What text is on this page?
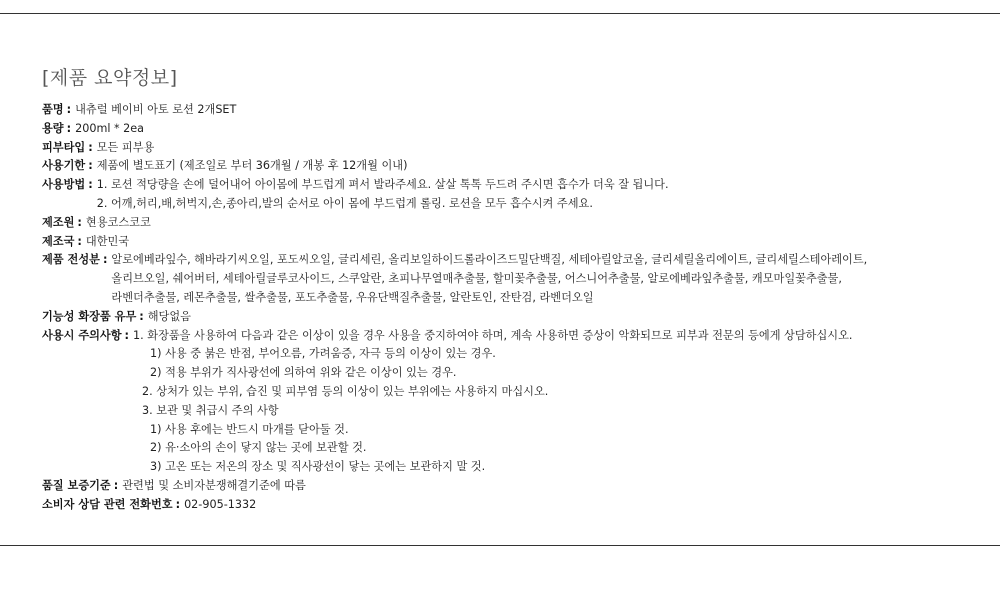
[제품 요약정보]
품명 : 내츄럴 베이비 아토 로션 2개SET
용량 : 200ml * 2ea
피부타입 : 모든 피부용
사용기한 : 제품에 별도표기 (제조일로 부터 36개월 / 개봉 후 12개월 이내)
사용방법 : 1. 로션 적당량을 손에 덜어내어 아이몸에 부드럽게 펴서 발라주세요. 살살 톡톡 두드려 주시면 흡수가 더욱 잘 됩니다.
2. 어깨,허리,배,허벅지,손,종아리,발의 순서로 아이 몸에 부드럽게 롤링. 로션을 모두 흡수시켜 주세요.
제조원 : 현용코스코코
제조국 : 대한민국
제품 전성분 : 알로에베라잎수, 해바라기씨오일, 포도씨오일, 글리세린, 올리보일하이드롤라이즈드밀단백질, 세테아릴알코올, 글리세릴올리에이트, 글리세릴스테아레이트,
올리브오일, 쉐어버터, 세테아릴글루코사이드, 스쿠알란, 초피나무열매추출물, 할미꽃추출물, 어스니어추출물, 알로에베라잎추출물, 캐모마일꽃추출물,
라벤더추출물, 레몬추출물, 쌀추출물, 포도추출물, 우유단백질추출물, 알란토인, 잔탄검, 라벤더오일
기능성 화장품 유무 : 해당없음
사용시 주의사항 : 1. 화장품을 사용하여 다음과 같은 이상이 있을 경우 사용을 중지하여야 하며, 계속 사용하면 증상이 악화되므로 피부과 전문의 등에게 상담하십시오.
1) 사용 중 붉은 반점, 부어오름, 가려움증, 자극 등의 이상이 있는 경우.
2) 적용 부위가 직사광선에 의하여 위와 같은 이상이 있는 경우.
2. 상처가 있는 부위, 습진 및 피부염 등의 이상이 있는 부위에는 사용하지 마십시오.
3. 보관 및 취급시 주의 사항
1) 사용 후에는 반드시 마개를 닫아둘 것.
2) 유·소아의 손이 닿지 않는 곳에 보관할 것.
3) 고온 또는 저온의 장소 및 직사광선이 닿는 곳에는 보관하지 말 것.
품질 보증기준 : 관련법 및 소비자분쟁해결기준에 따름
소비자 상담 관련 전화번호 : 02-905-1332
